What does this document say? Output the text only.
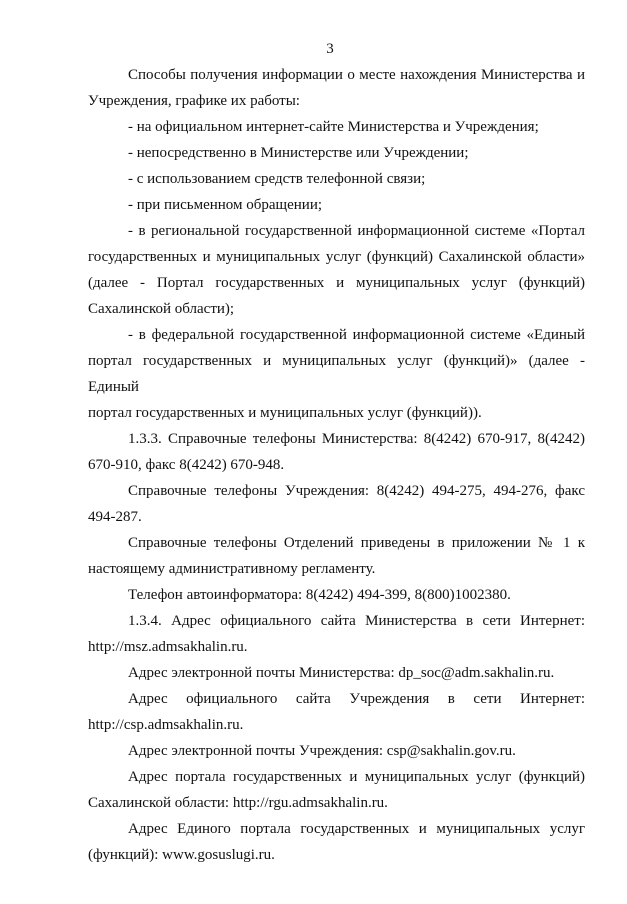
3
Способы получения информации о месте нахождения Министерства и
Учреждения, графике их работы:
- на официальном интернет-сайте Министерства и Учреждения;
- непосредственно в Министерстве или Учреждении;
- с использованием средств телефонной связи;
- при письменном обращении;
- в региональной государственной информационной системе «Портал
государственных и муниципальных услуг (функций) Сахалинской области»
(далее - Портал государственных и муниципальных услуг (функций)
Сахалинской области);
- в федеральной государственной информационной системе «Единый
портал государственных и муниципальных услуг (функций)» (далее - Единый
портал государственных и муниципальных услуг (функций)).
1.3.3. Справочные телефоны Министерства: 8(4242) 670-917, 8(4242)
670-910, факс 8(4242) 670-948.
Справочные телефоны Учреждения: 8(4242) 494-275, 494-276, факс
494-287.
Справочные телефоны Отделений приведены в приложении № 1 к
настоящему административному регламенту.
Телефон автоинформатора: 8(4242) 494-399, 8(800)1002380.
1.3.4. Адрес официального сайта Министерства в сети Интернет:
http://msz.admsakhalin.ru.
Адрес электронной почты Министерства: dp_soc@adm.sakhalin.ru.
Адрес официального сайта Учреждения в сети Интернет:
http://csp.admsakhalin.ru.
Адрес электронной почты Учреждения: csp@sakhalin.gov.ru.
Адрес портала государственных и муниципальных услуг (функций)
Сахалинской области: http://rgu.admsakhalin.ru.
Адрес Единого портала государственных и муниципальных услуг
(функций): www.gosuslugi.ru.
